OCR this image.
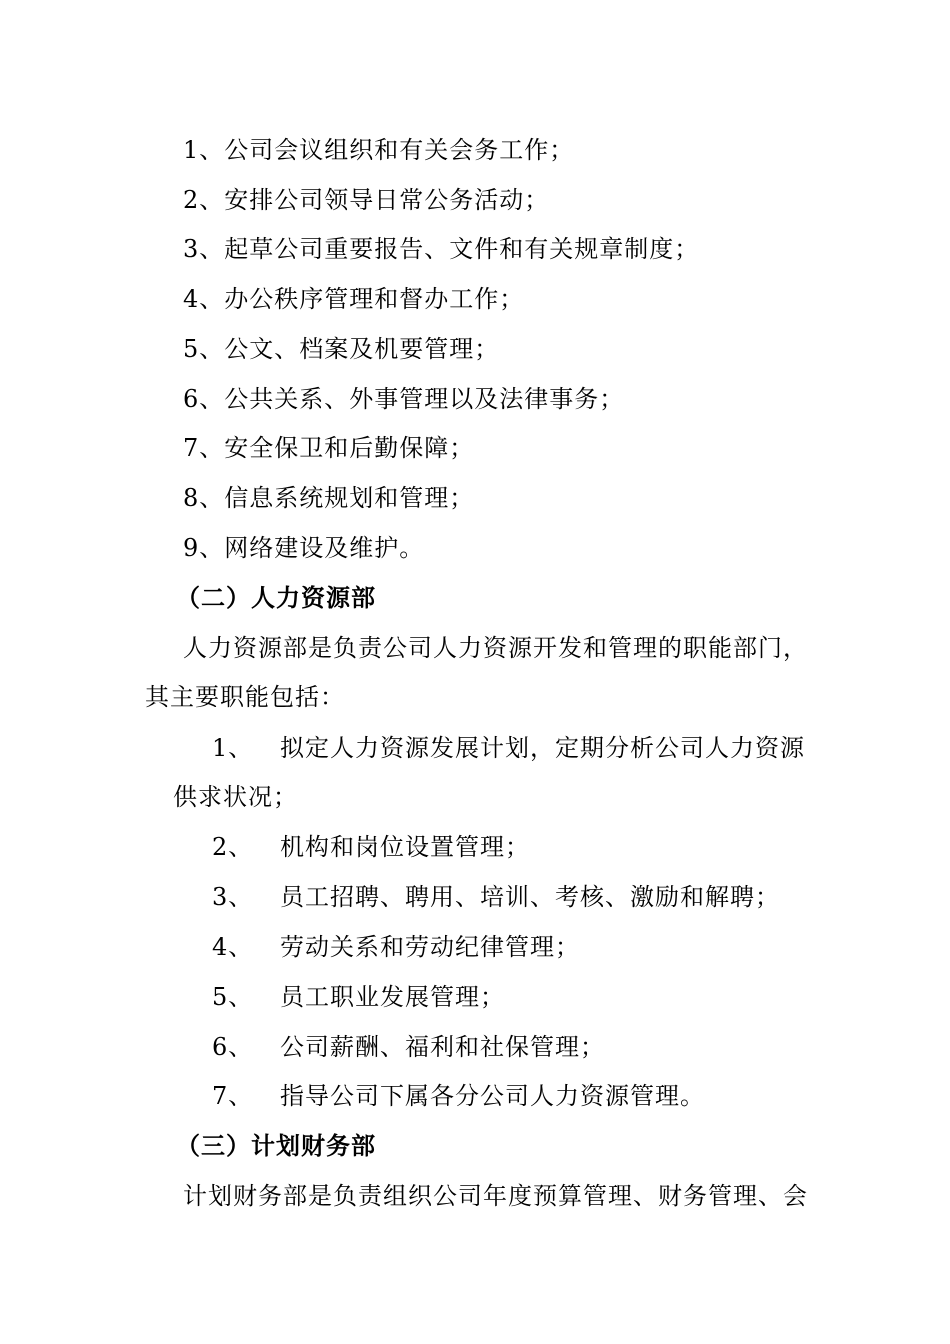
1、公司会议组织和有关会务工作；
2、安排公司领导日常公务活动；
3、起草公司重要报告、文件和有关规章制度；
4、办公秩序管理和督办工作；
5、公文、档案及机要管理；
6、公共关系、外事管理以及法律事务；
7、安全保卫和后勤保障；
8、信息系统规划和管理；
9、网络建设及维护。
（二）人力资源部
人力资源部是负责公司人力资源开发和管理的职能部门，
其主要职能包括：
1、 拟定人力资源发展计划，定期分析公司人力资源
供求状况；
2、 机构和岗位设置管理；
3、 员工招聘、聘用、培训、考核、激励和解聘；
4、 劳动关系和劳动纪律管理；
5、 员工职业发展管理；
6、 公司薪酬、福利和社保管理；
7、 指导公司下属各分公司人力资源管理。
（三）计划财务部
计划财务部是负责组织公司年度预算管理、财务管理、会
